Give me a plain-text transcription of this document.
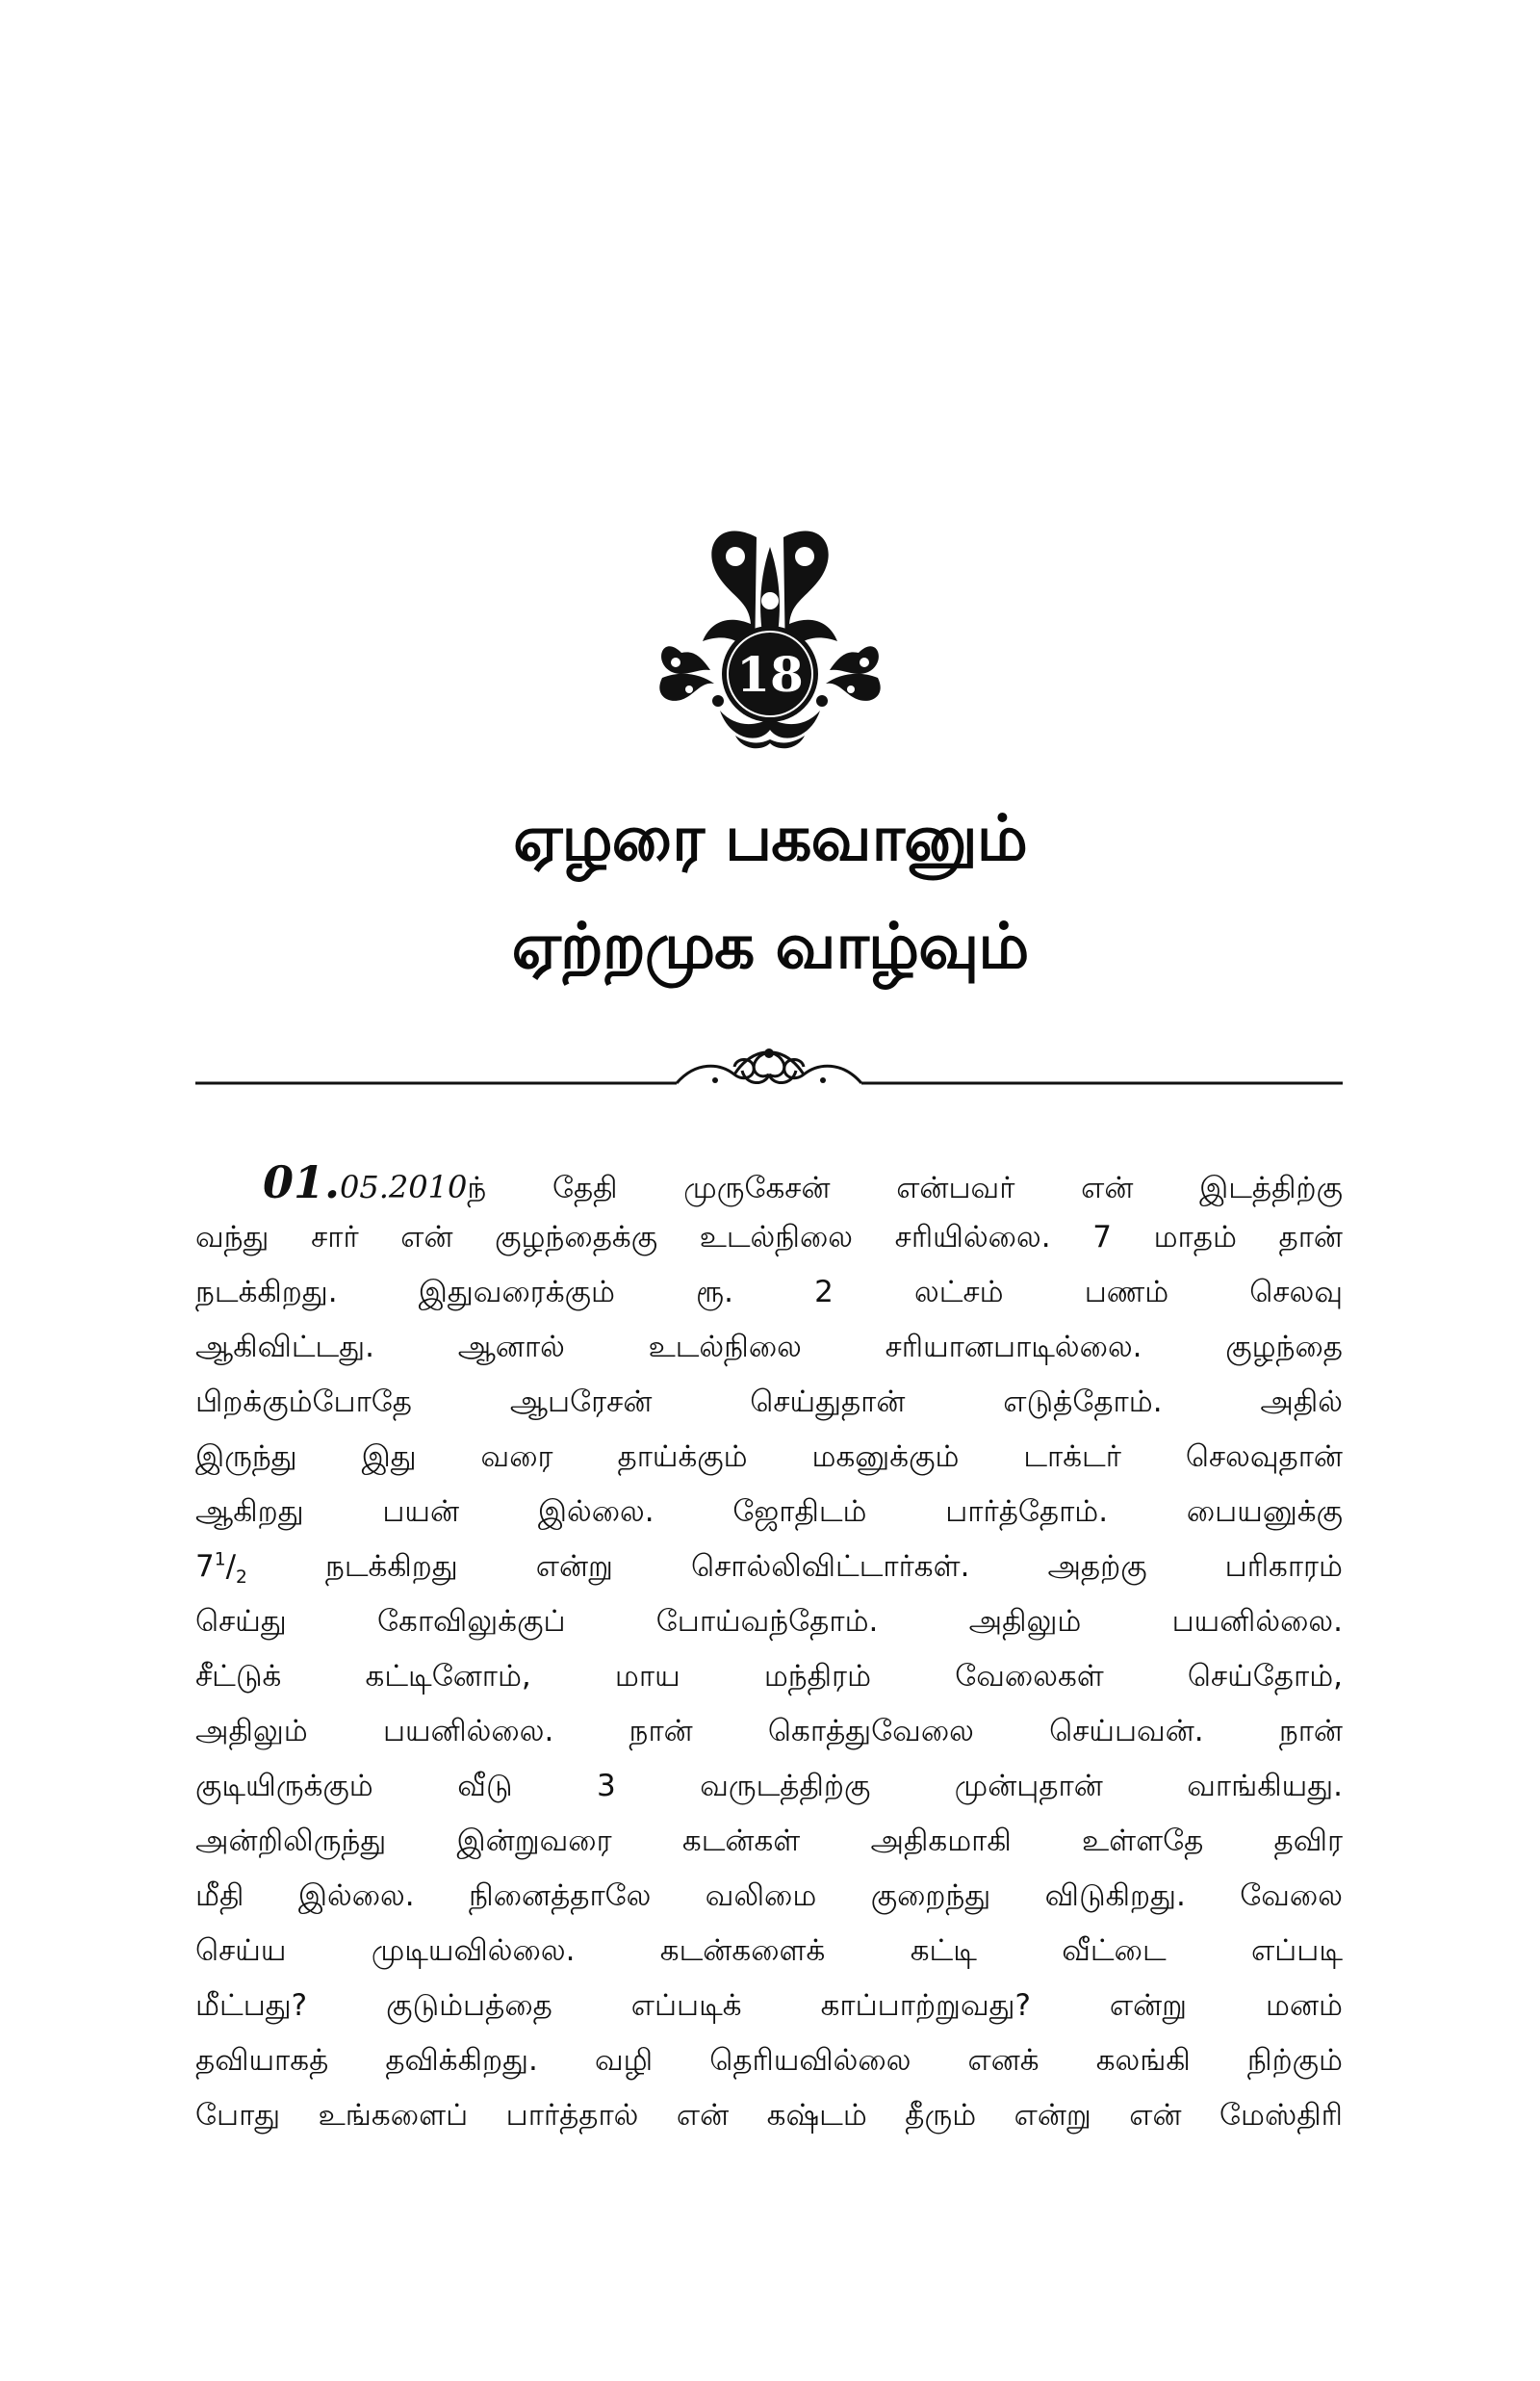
18
ஏழரை பகவானும்
ஏற்றமுக வாழ்வும்
01.05.2010ந் தேதி முருகேசன் என்பவர் என் இடத்திற்கு
வந்து சார் என் குழந்தைக்கு உடல்நிலை சரியில்லை. 7 மாதம் தான்
நடக்கிறது. இதுவரைக்கும் ரூ. 2 லட்சம் பணம் செலவு
ஆகிவிட்டது. ஆனால் உடல்நிலை சரியானபாடில்லை. குழந்தை
பிறக்கும்போதே ஆபரேசன் செய்துதான் எடுத்தோம். அதில்
இருந்து இது வரை தாய்க்கும் மகனுக்கும் டாக்டர் செலவுதான்
ஆகிறது பயன் இல்லை. ஜோதிடம் பார்த்தோம். பையனுக்கு
$7^1/_2$	நடக்கிறது என்று சொல்லிவிட்டார்கள். அதற்கு பரிகாரம்
செய்து கோவிலுக்குப் போய்வந்தோம். அதிலும் பயனில்லை.
சீட்டுக் கட்டினோம், மாய மந்திரம் வேலைகள் செய்தோம்,
அதிலும் பயனில்லை. நான் கொத்துவேலை செய்பவன். நான்
குடியிருக்கும் வீடு 3 வருடத்திற்கு முன்புதான் வாங்கியது.
அன்றிலிருந்து இன்றுவரை கடன்கள் அதிகமாகி உள்ளதே தவிர
மீதி இல்லை. நினைத்தாலே வலிமை குறைந்து விடுகிறது. வேலை
செய்ய முடியவில்லை. கடன்களைக் கட்டி வீட்டை எப்படி
மீட்பது? குடும்பத்தை எப்படிக் காப்பாற்றுவது? என்று மனம்
தவியாகத் தவிக்கிறது. வழி தெரியவில்லை எனக் கலங்கி நிற்கும்
போது உங்களைப் பார்த்தால் என் கஷ்டம் தீரும் என்று என் மேஸ்திரி
